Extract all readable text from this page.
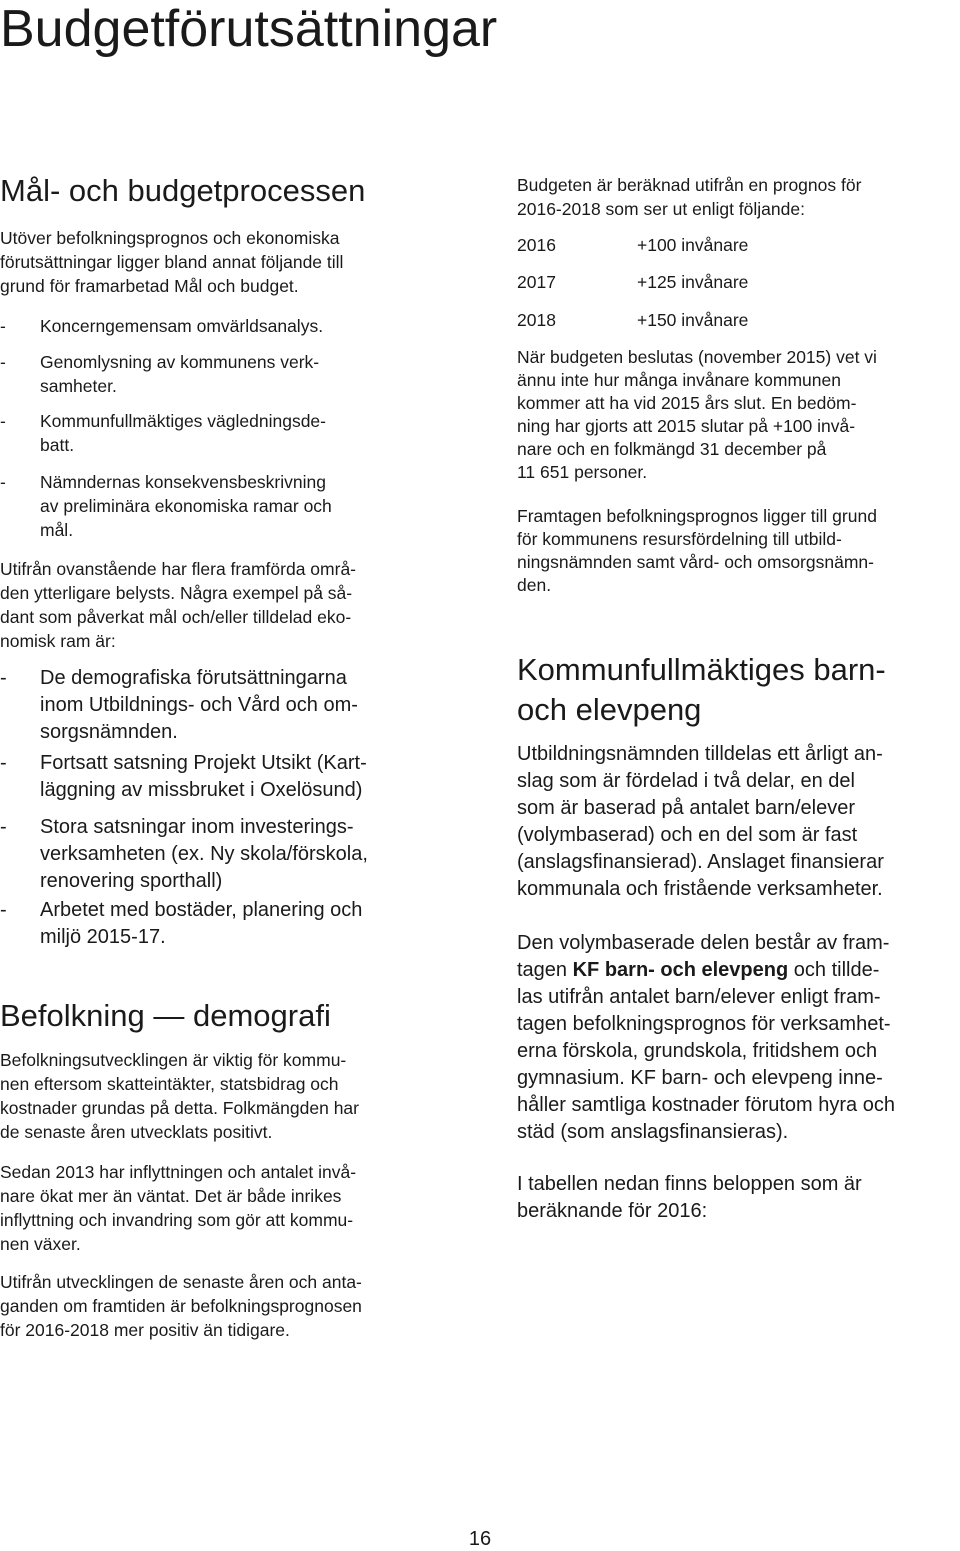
Budgetförutsättningar
Mål- och budgetprocessen

Utöver befolkningsprognos och ekonomiska
förutsättningar ligger bland annat följande till
grund för framarbetad Mål och budget.

- Koncerngemensam omvärldsanalys.

- Genomlysning av kommunens verk-
samheter.

- Kommunfullmäktiges vägledningsde-
batt.

- Nämndernas konsekvensbeskrivning
av preliminära ekonomiska ramar och
mål.

Utifrån ovanstående har flera framförda områ-
den ytterligare belysts. Några exempel på så-
dant som påverkat mål och/eller tilldelad eko-
nomisk ram är:

- De demografiska förutsättningarna
inom Utbildnings- och Vård och om-
sorgsnämnden.

- Fortsatt satsning Projekt Utsikt (Kart-
läggning av missbruket i Oxelösund)

- Stora satsningar inom investerings-
verksamheten (ex. Ny skola/förskola,
renovering sporthall)

- Arbetet med bostäder, planering och
miljö 2015-17.

Befolkning — demografi

Befolkningsutvecklingen är viktig för kommu-
nen eftersom skatteintäkter, statsbidrag och
kostnader grundas på detta. Folkmängden har
de senaste åren utvecklats positivt.

Sedan 2013 har inflyttningen och antalet invå-
nare ökat mer än väntat. Det är både inrikes
inflyttning och invandring som gör att kommu-
nen växer.

Utifrån utvecklingen de senaste åren och anta-
ganden om framtiden är befolkningsprognosen
för 2016-2018 mer positiv än tidigare.

Budgeten är beräknad utifrån en prognos för
2016-2018 som ser ut enligt följande:

2016	+100 invånare
2017	+125 invånare
2018	+150 invånare

När budgeten beslutas (november 2015) vet vi
ännu inte hur många invånare kommunen
kommer att ha vid 2015 års slut. En bedöm-
ning har gjorts att 2015 slutar på +100 invå-
nare och en folkmängd 31 december på
11 651 personer.

Framtagen befolkningsprognos ligger till grund
för kommunens resursfördelning till utbild-
ningsnämnden samt vård- och omsorgsnämn-
den.

Kommunfullmäktiges barn-
och elevpeng

Utbildningsnämnden tilldelas ett årligt an-
slag som är fördelad i två delar, en del
som är baserad på antalet barn/elever
(volymbaserad) och en del som är fast
(anslagsfinansierad). Anslaget finansierar
kommunala och fristående verksamheter.

Den volymbaserade delen består av fram-
tagen KF barn- och elevpeng och tillde-
las utifrån antalet barn/elever enligt fram-
tagen befolkningsprognos för verksamhet-
erna förskola, grundskola, fritidshem och
gymnasium. KF barn- och elevpeng inne-
håller samtliga kostnader förutom hyra och
städ (som anslagsfinansieras).

I tabellen nedan finns beloppen som är
beräknande för 2016:

16
